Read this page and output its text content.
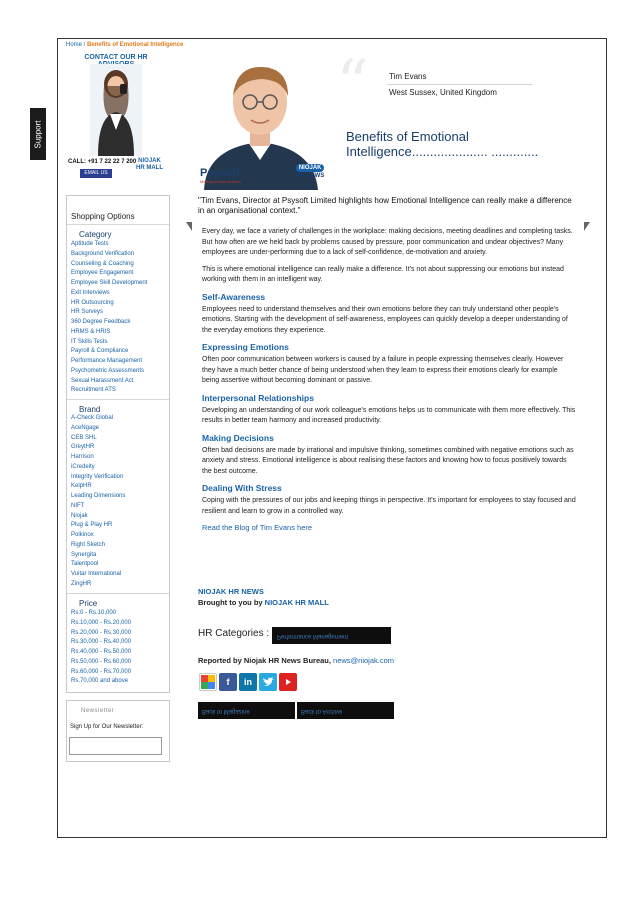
Support
Home / Benefits of Emotional Intelligence
CONTACT OUR HR
CALL: +91 7 22 22 7 200
EMAIL US
NIOJAK
HR MALL
Shopping Options
Category
Aptitude Tests
Background Verification
Counseling & Coaching
Employee Engagement
Employee Skill Development
Exit Interviews
HR Outsourcing
HR Surveys
360 Degree Feedback
HRMS & HRIS
IT Skills Tests
Payroll & Compliance
Performance Management
Psychometric Assessments
Sexual Harassment Act
Recruitment ATS
Brand
A-Check Global
AceNgage
CEB SHL
GreytHR
Harrison
iCredeity
Integrity Verification
KelpHR
Leading Dimensions
NIFT
Niojak
Plug & Play HR
Polkinox
Right Sketch
Synergita
Talentpool
Vuitar International
ZingHR
Price
Rs.0 - Rs.10,000
Rs.10,000 - Rs.20,000
Rs.20,000 - Rs.30,000
Rs.30,000 - Rs.40,000
Rs.40,000 - Rs.50,000
Rs.50,000 - Rs.60,000
Rs.60,000 - Rs.70,000
Rs.70,000 and above
Newsletter
Sign Up for Our Newsletter:
Psysoft
Making people perform
NIOJAK
HR NEWS
“	Tim Evans
West Sussex, United Kingdom
Benefits of Emotional Intelligence..................... .............
"Tim Evans, Director at Psysoft Limited highlights how Emotional Intelligence can really make a difference in an organisational context."

Every day, we face a variety of challenges in the workplace: making decisions, meeting deadlines and completing tasks. But how often are we held back by problems caused by pressure, poor communication and undear objectives? Many employees are under-performing due to a lack of self-confidence, de-motivation and anxiety.

This is where emotional intelligence can really make a difference. It's not about suppressing our emotions but instead working with them in an intelligent way.

Self-Awareness

Employees need to understand themselves and their own emotions before they can truly understand other people's emotions. Starting with the development of self-awareness, employees can quickly develop a deeper understanding of the everyday emotions they experience.

Expressing Emotions

Often poor communication between workers is caused by a failure in people expressing themselves clearly. However they have a much better chance of being understood when they learn to express their emotions clearly for example being assertive without becoming dominant or passive.

Interpersonal Relationships

Developing an understanding of our work colleague's emotions helps us to communicate with them more effectively. This results in better team harmony and increased productivity.

Making Decisions

Often bad decisions are made by irrational and impulsive thinking, sometimes combined with negative emotions such as anxiety and stress. Emotional intelligence is about realising these factors and knowing how to focus positively towards the best outcome.

Dealing With Stress

Coping with the pressures of our jobs and keeping things in perspective. It's important for employees to stay focused and resilient and learn to grow in a controlled way.

Read the Blog of Tim Evans here
NIOJAK HR NEWS
Brought to you by NIOJAK HR MALL
HR Categories :	Performance Management
Reported by Niojak HR News Bureau, news@niojak.com
f	in
Back to Magazine	Back to Archive
